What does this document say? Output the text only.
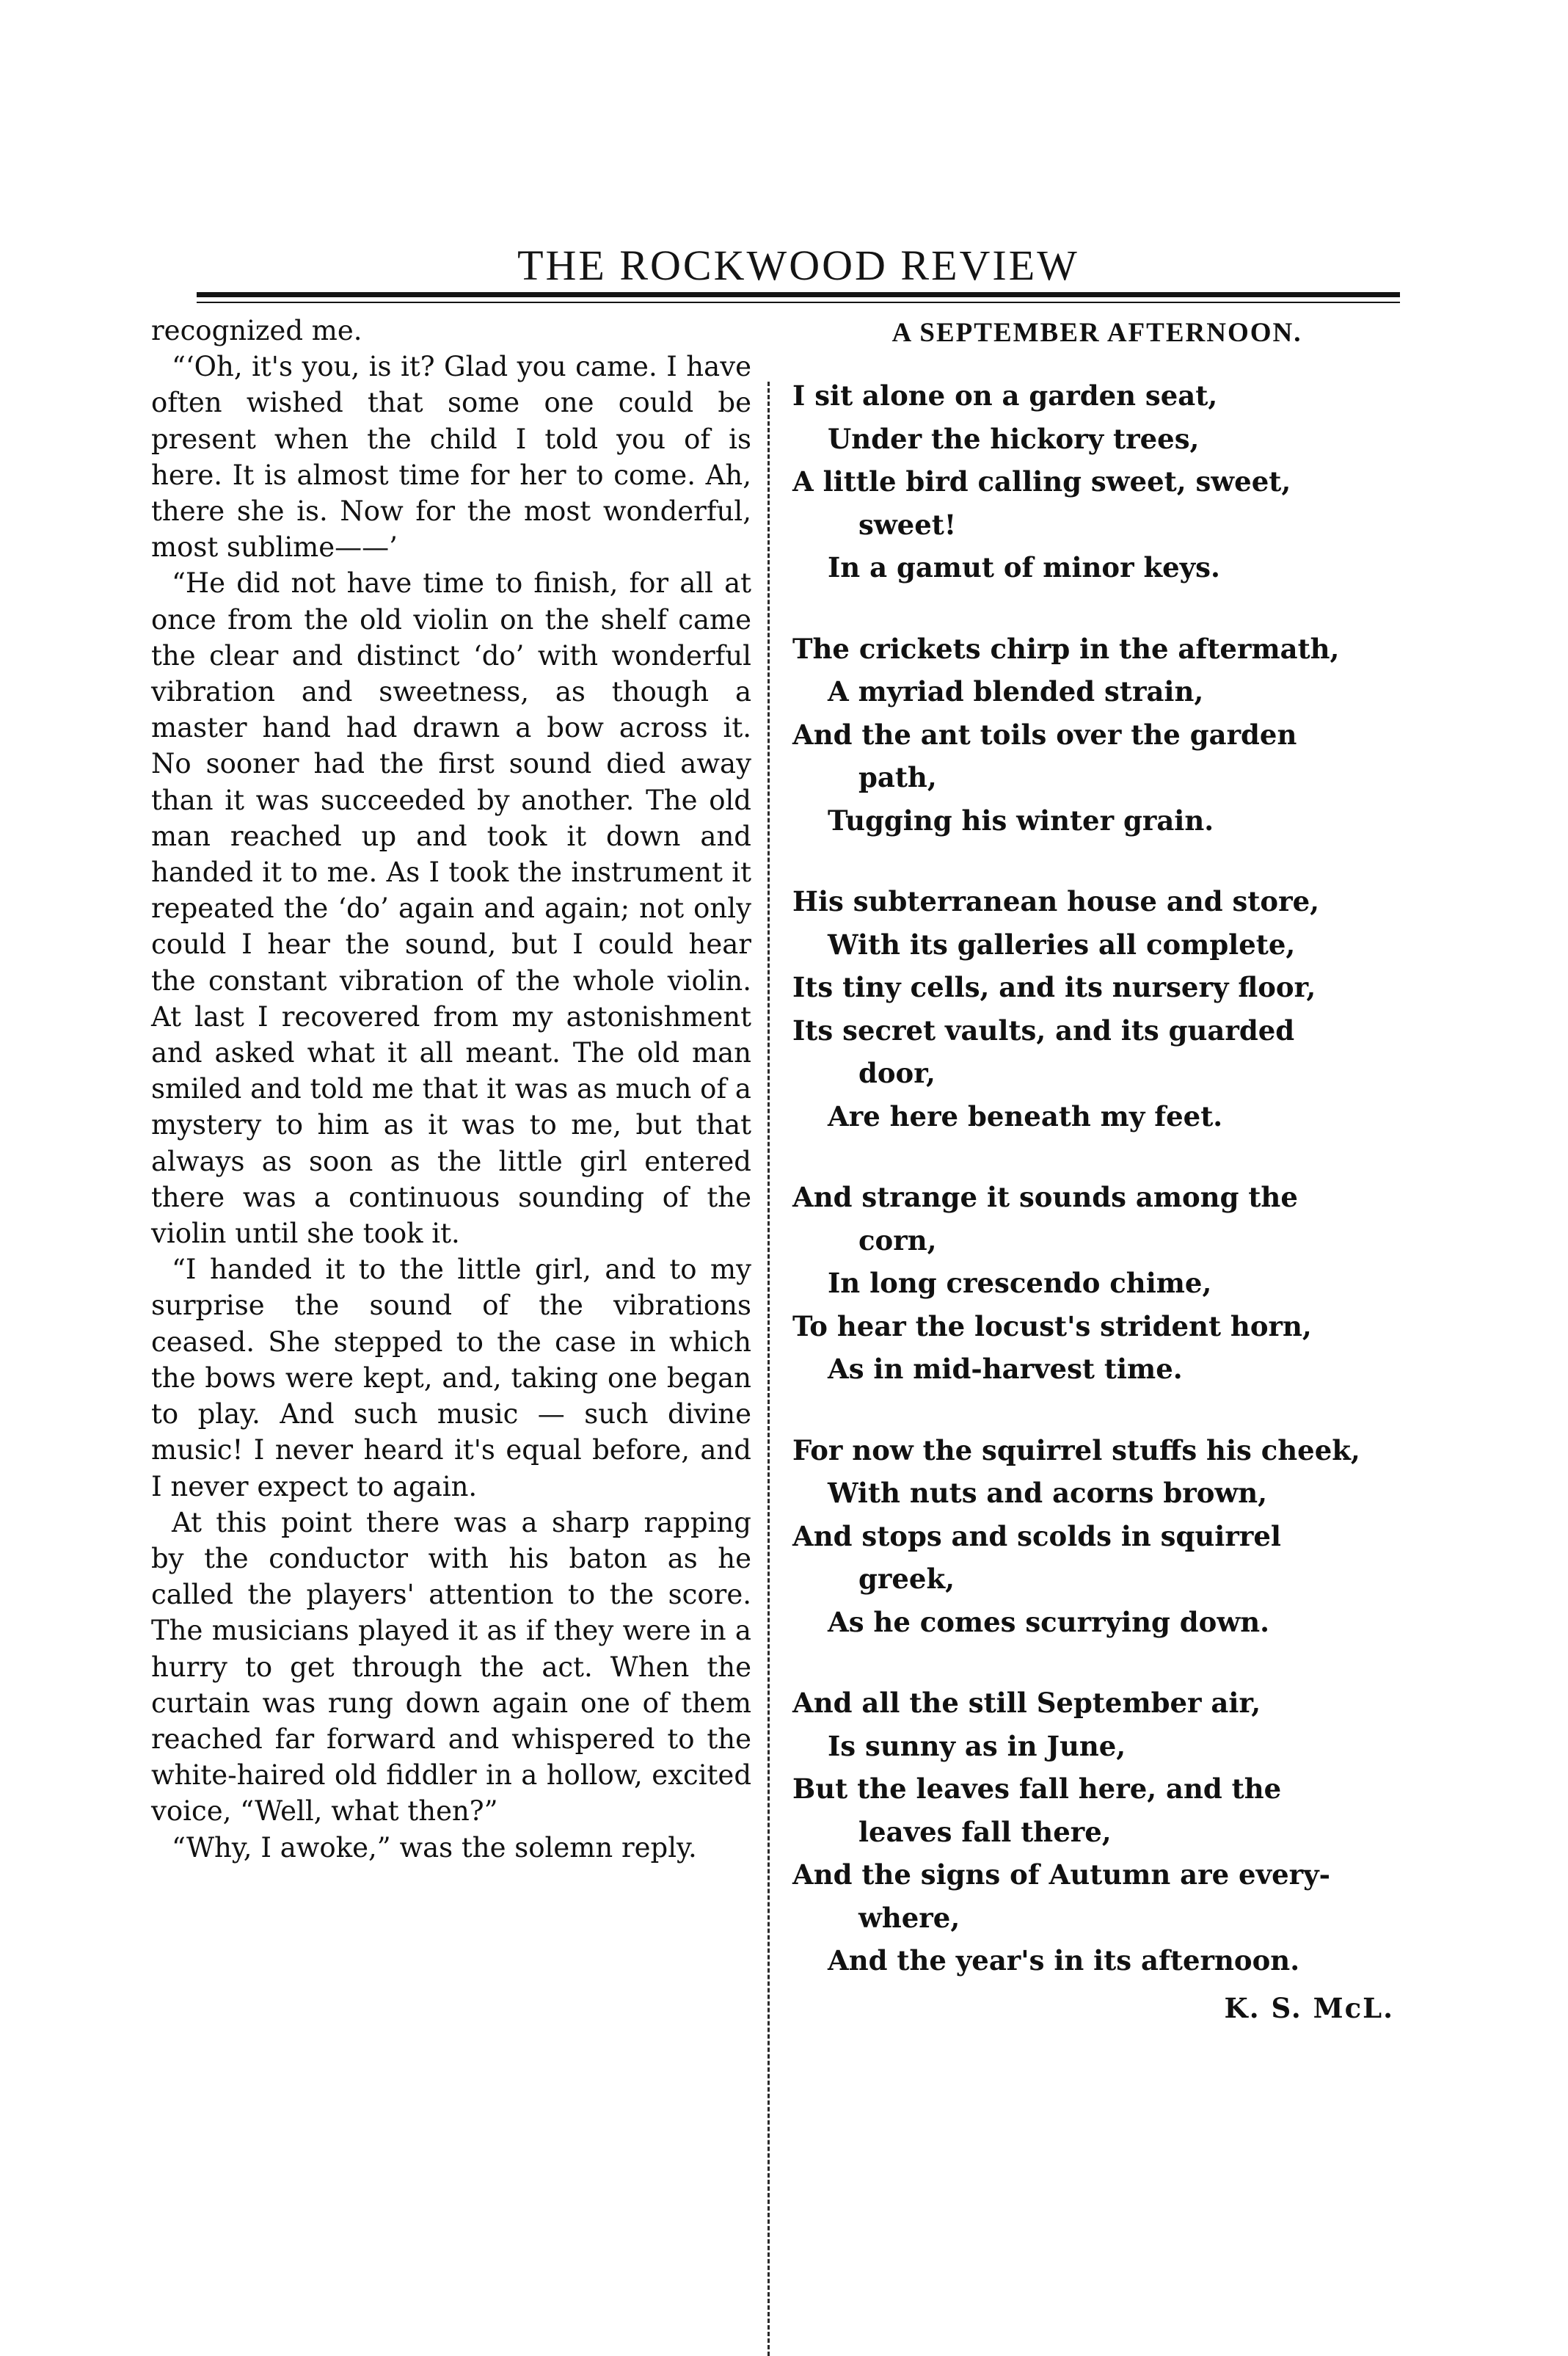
THE ROCKWOOD REVIEW

recognized me.

“‘Oh, it's you, is it? Glad you came. I have often wished that some one could be present when the child I told you of is here. It is almost time for her to come. Ah, there she is. Now for the most wonderful, most sublime——’

“He did not have time to finish, for all at once from the old violin on the shelf came the clear and distinct ‘do’ with wonderful vibration and sweetness, as though a master hand had drawn a bow across it. No sooner had the first sound died away than it was succeeded by another. The old man reached up and took it down and handed it to me. As I took the instrument it repeated the ‘do’ again and again; not only could I hear the sound, but I could hear the constant vibration of the whole violin. At last I recovered from my astonishment and asked what it all meant. The old man smiled and told me that it was as much of a mystery to him as it was to me, but that always as soon as the little girl entered there was a continuous sounding of the violin until she took it.

“I handed it to the little girl, and to my surprise the sound of the vibrations ceased. She stepped to the case in which the bows were kept, and, taking one began to play. And such music — such divine music! I never heard it's equal before, and I never expect to again.

At this point there was a sharp rapping by the conductor with his baton as he called the players' attention to the score. The musicians played it as if they were in a hurry to get through the act. When the curtain was rung down again one of them reached far forward and whispered to the white-haired old fiddler in a hollow, excited voice, “Well, what then?”

“Why, I awoke,” was the solemn reply.

A SEPTEMBER AFTERNOON.
I sit alone on a garden seat,
Under the hickory trees,
A little bird calling sweet, sweet,
sweet!
In a gamut of minor keys.
The crickets chirp in the aftermath,
A myriad blended strain,
And the ant toils over the garden
path,
Tugging his winter grain.
His subterranean house and store,
With its galleries all complete,
Its tiny cells, and its nursery floor,
Its secret vaults, and its guarded
door,
Are here beneath my feet.
And strange it sounds among the
corn,
In long crescendo chime,
To hear the locust's strident horn,
As in mid-harvest time.
For now the squirrel stuffs his cheek,
With nuts and acorns brown,
And stops and scolds in squirrel
greek,
As he comes scurrying down.
And all the still September air,
Is sunny as in June,
But the leaves fall here, and the
leaves fall there,
And the signs of Autumn are every-
where,
And the year's in its afternoon.
K. S. McL.
